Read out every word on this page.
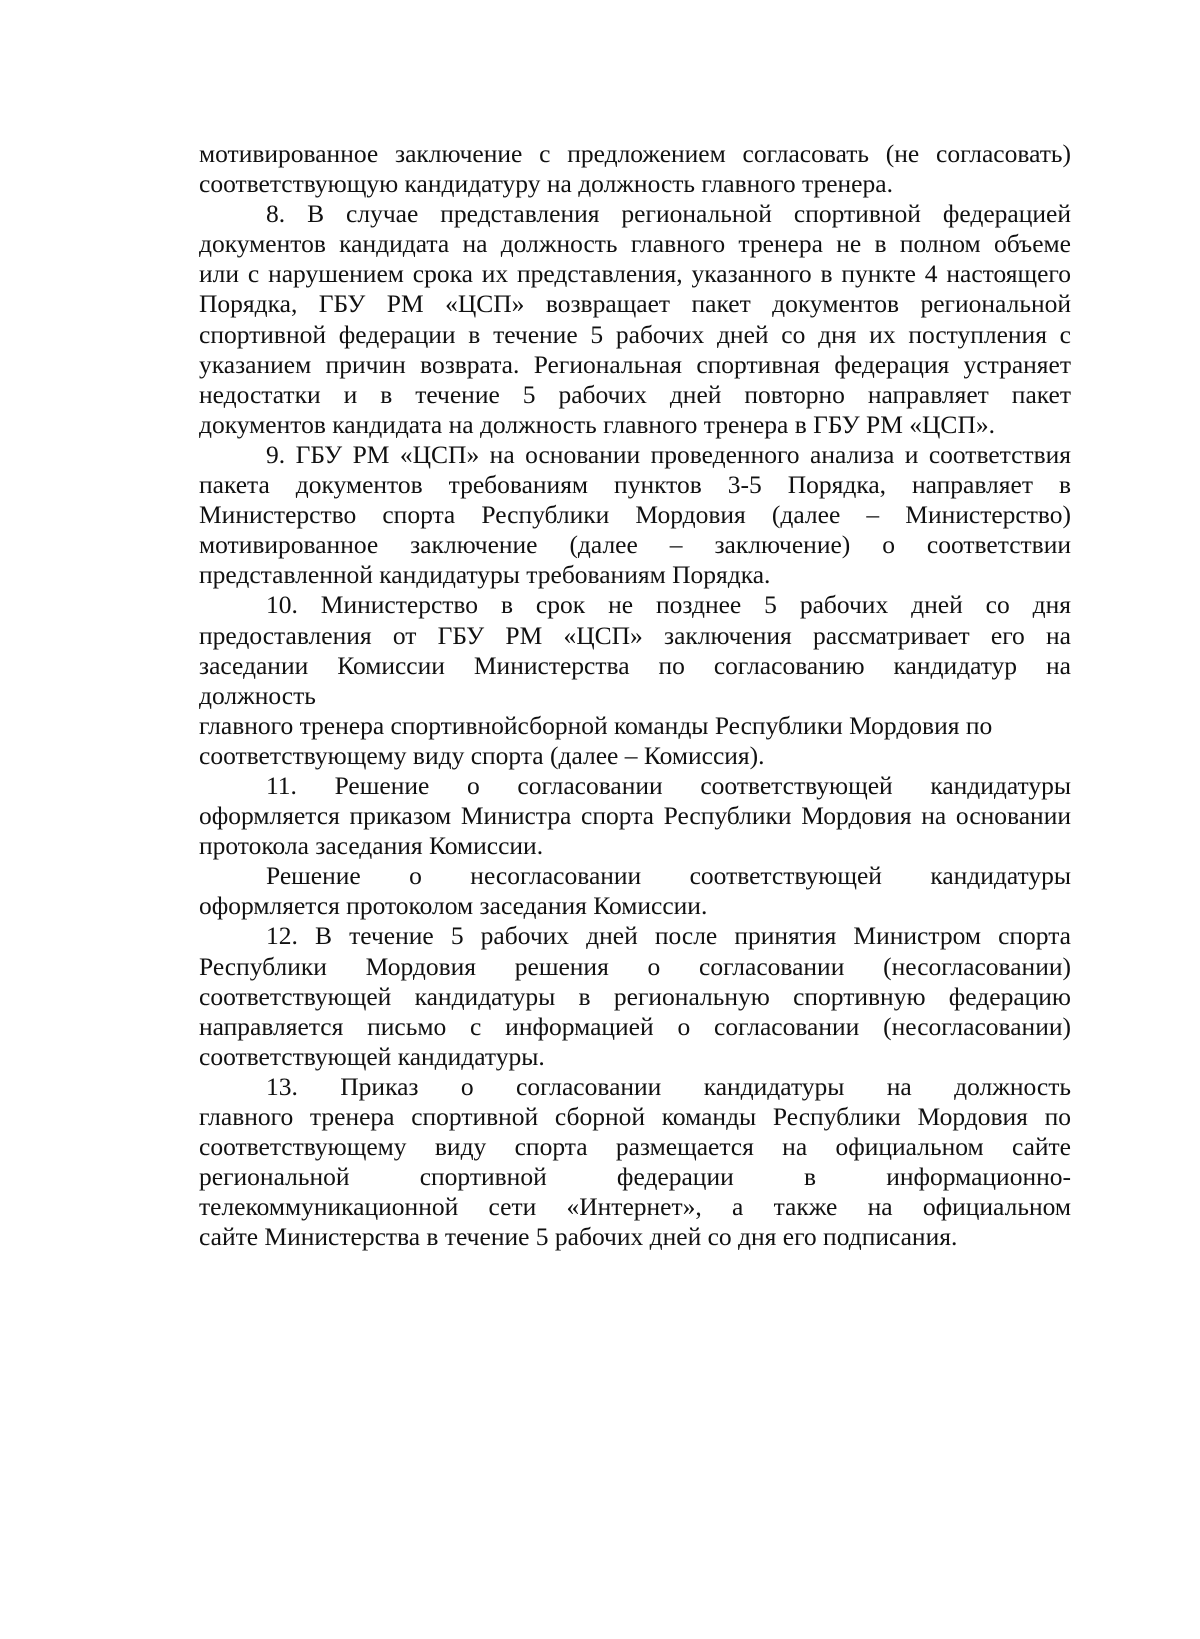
мотивированное заключение с предложением согласовать (не согласовать)
соответствующую кандидатуру на должность главного тренера.
8. В случае представления региональной спортивной федерацией
документов кандидата на должность главного тренера не в полном объеме
или с нарушением срока их представления, указанного в пункте 4 настоящего
Порядка, ГБУ РМ «ЦСП» возвращает пакет документов региональной
спортивной федерации в течение 5 рабочих дней со дня их поступления с
указанием причин возврата. Региональная спортивная федерация устраняет
недостатки и в течение 5 рабочих дней повторно направляет пакет
документов кандидата на должность главного тренера в ГБУ РМ «ЦСП».
9. ГБУ РМ «ЦСП» на основании проведенного анализа и соответствия
пакета документов требованиям пунктов 3-5 Порядка, направляет в
Министерство спорта Республики Мордовия (далее – Министерство)
мотивированное заключение (далее – заключение) о соответствии
представленной кандидатуры требованиям Порядка.
10. Министерство в срок не позднее 5 рабочих дней со дня
предоставления от ГБУ РМ «ЦСП» заключения рассматривает его на
заседании Комиссии Министерства по согласованию кандидатур на
должность
главного тренера спортивнойсборной команды Республики Мордовия по
соответствующему виду спорта (далее – Комиссия).
11. Решение о согласовании соответствующей кандидатуры
оформляется приказом Министра спорта Республики Мордовия на основании
протокола заседания Комиссии.
Решение о несогласовании соответствующей кандидатуры
оформляется протоколом заседания Комиссии.
12. В течение 5 рабочих дней после принятия Министром спорта
Республики Мордовия решения о согласовании (несогласовании)
соответствующей кандидатуры в региональную спортивную федерацию
направляется письмо с информацией о согласовании (несогласовании)
соответствующей кандидатуры.
13. Приказ о согласовании кандидатуры на должность
главного тренера спортивной сборной команды Республики Мордовия по
соответствующему виду спорта размещается на официальном сайте
региональной спортивной федерации в информационно-
телекоммуникационной сети «Интернет», а также на официальном
сайте Министерства в течение 5 рабочих дней со дня его подписания.
